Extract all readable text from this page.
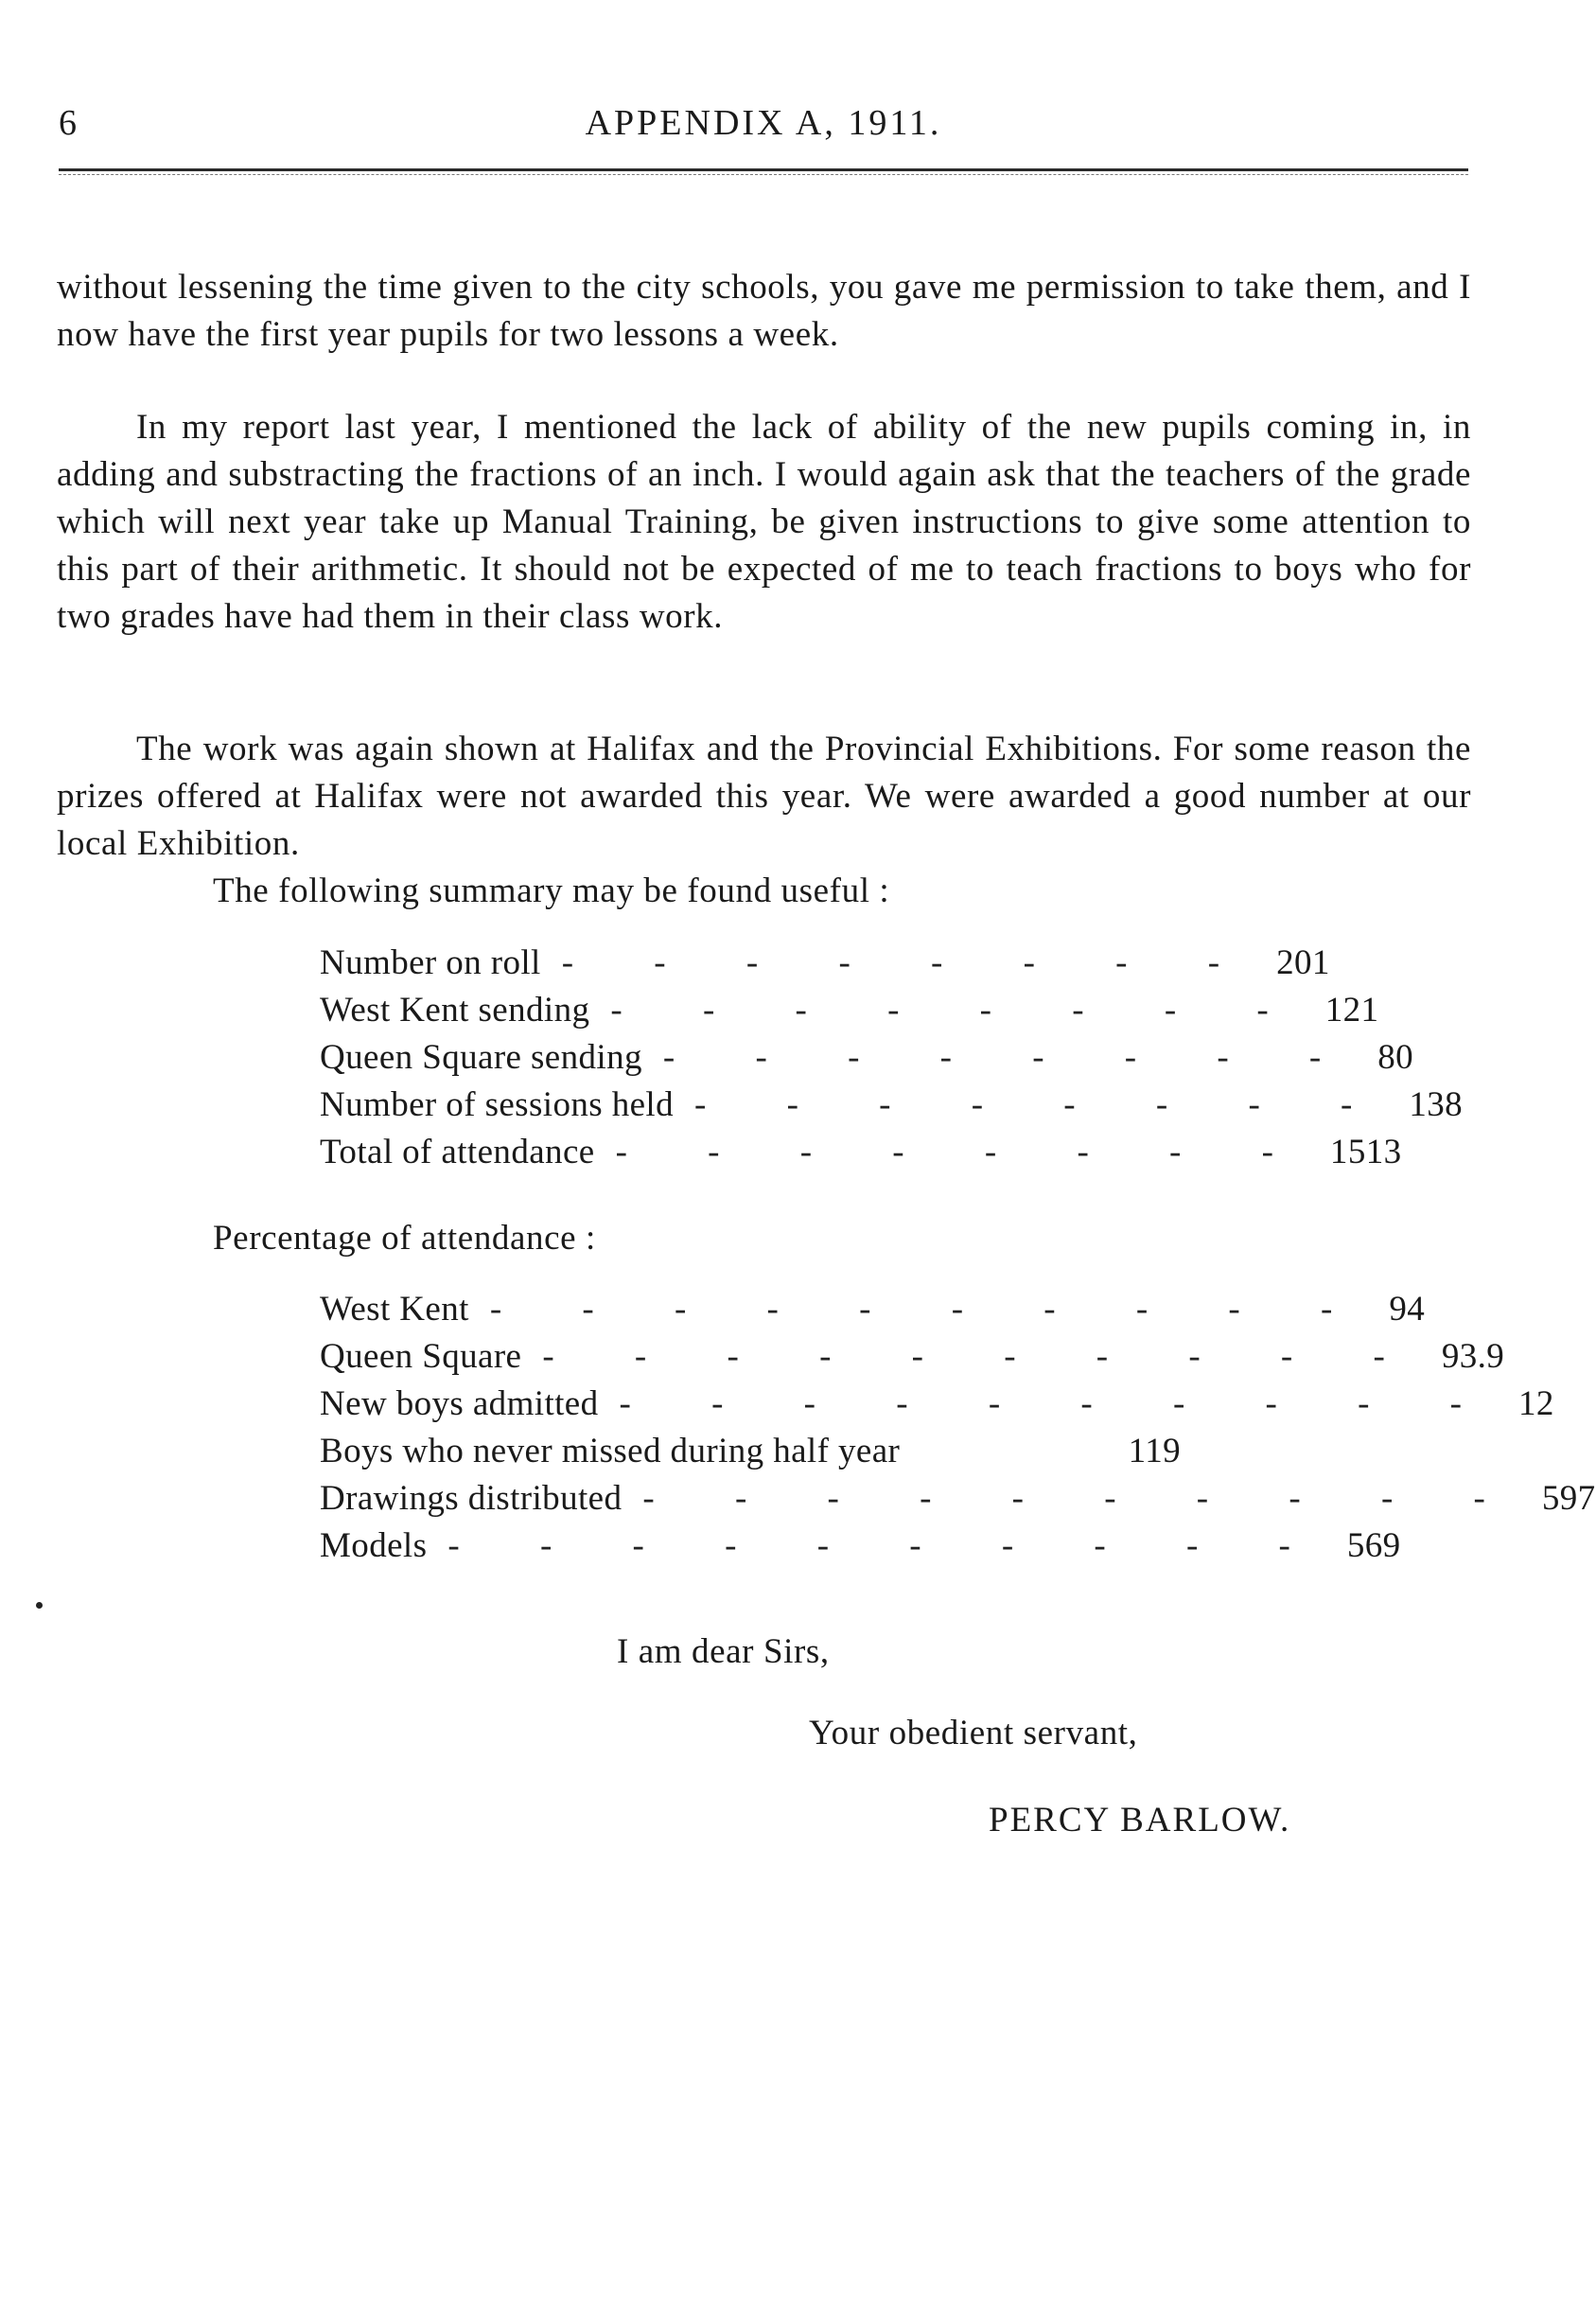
6	APPENDIX A, 1911.

without lessening the time given to the city schools, you gave me permission to take them, and I now have the first year pupils for two lessons a week.

In my report last year, I mentioned the lack of ability of the new pupils coming in, in adding and substracting the fractions of an inch. I would again ask that the teachers of the grade which will next year take up Manual Training, be given instructions to give some attention to this part of their arithmetic. It should not be expected of me to teach fractions to boys who for two grades have had them in their class work.

The work was again shown at Halifax and the Provincial Exhibitions. For some reason the prizes offered at Halifax were not awarded this year. We were awarded a good number at our local Exhibition.

The following summary may be found useful :
Number on roll - - - - - - - - 201
West Kent sending - - - - - - - - 121
Queen Square sending - - - - - - - - 80
Number of sessions held - - - - - - - - 138
Total of attendance - - - - - - - - 1513
Percentage of attendance :
West Kent - - - - - - - - - - 94
Queen Square - - - - - - - - - - 93.9
New boys admitted - - - - - - - - - - 12
Boys who never missed during half year	119
Drawings distributed - - - - - - - - - - 597
Models - - - - - - - - - - 569
I am dear Sirs,
Your obedient servant,
PERCY BARLOW.
